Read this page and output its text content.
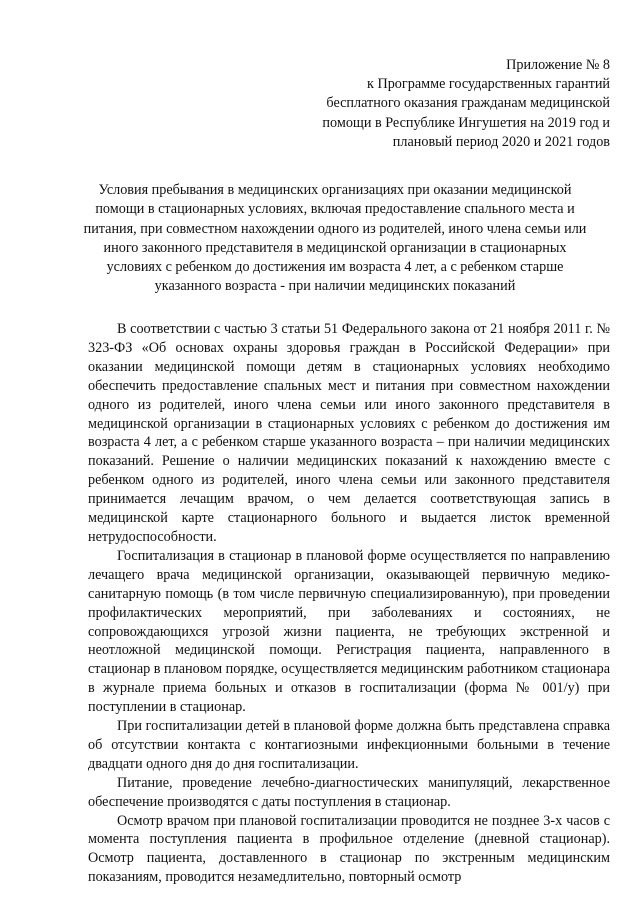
Приложение № 8
к Программе государственных гарантий
бесплатного оказания гражданам медицинской
помощи в Республике Ингушетия на 2019 год и
плановый период 2020 и 2021 годов
Условия пребывания в медицинских организациях при оказании медицинской
помощи в стационарных условиях, включая предоставление спального места и
питания, при совместном нахождении одного из родителей, иного члена семьи или
иного законного представителя в медицинской организации в стационарных
условиях с ребенком до достижения им возраста 4 лет, а с ребенком старше
указанного возраста - при наличии медицинских показаний

В соответствии с частью 3 статьи 51 Федерального закона от 21 ноября 2011 г. № 323-ФЗ «Об основах охраны здоровья граждан в Российской Федерации» при оказании медицинской помощи детям в стационарных условиях необходимо обеспечить предоставление спальных мест и питания при совместном нахождении одного из родителей, иного члена семьи или иного законного представителя в медицинской организации в стационарных условиях с ребенком до достижения им возраста 4 лет, а с ребенком старше указанного возраста – при наличии медицинских показаний. Решение о наличии медицинских показаний к нахождению вместе с ребенком одного из родителей, иного члена семьи или законного представителя принимается лечащим врачом, о чем делается соответствующая запись в медицинской карте стационарного больного и выдается листок временной нетрудоспособности.

Госпитализация в стационар в плановой форме осуществляется по направлению лечащего врача медицинской организации, оказывающей первичную медико-санитарную помощь (в том числе первичную специализированную), при проведении профилактических мероприятий, при заболеваниях и состояниях, не сопровождающихся угрозой жизни пациента, не требующих экстренной и неотложной медицинской помощи. Регистрация пациента, направленного в стационар в плановом порядке, осуществляется медицинским работником стационара в журнале приема больных и отказов в госпитализации (форма № 001/у) при поступлении в стационар.

При госпитализации детей в плановой форме должна быть представлена справка об отсутствии контакта с контагиозными инфекционными больными в течение двадцати одного дня до дня госпитализации.

Питание, проведение лечебно-диагностических манипуляций, лекарственное обеспечение производятся с даты поступления в стационар.

Осмотр врачом при плановой госпитализации проводится не позднее 3-х часов с момента поступления пациента в профильное отделение (дневной стационар). Осмотр пациента, доставленного в стационар по экстренным медицинским показаниям, проводится незамедлительно, повторный осмотр
